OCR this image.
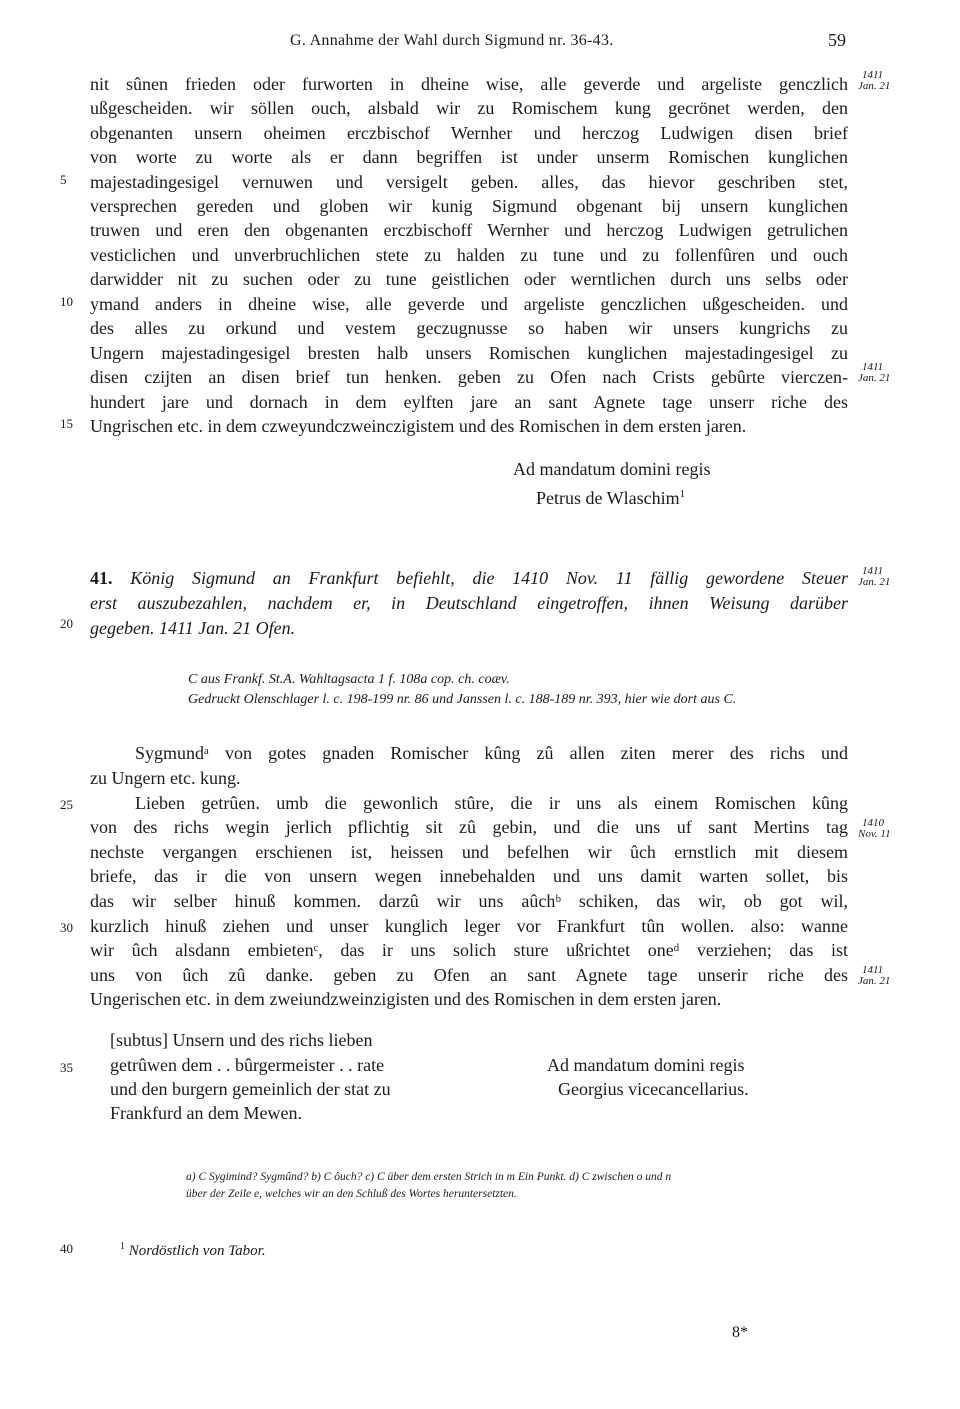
G. Annahme der Wahl durch Sigmund nr. 36-43.	59
nit sûnen frieden oder furworten in dheine wise, alle geverde und argeliste genczlich
ußgescheiden. wir söllen ouch, alsbald wir zu Romischem kung gecrönet werden, den
obgenanten unsern oheimen erczbischof Wernher und herczog Ludwigen disen brief
von worte zu worte als er dann begriffen ist under unserm Romischen kunglichen
majestadingesigel vernuwen und versigelt geben. alles, das hievor geschriben stet,
versprechen gereden und globen wir kunig Sigmund obgenant bij unsern kunglichen
truwen und eren den obgenanten erczbischoff Wernher und herczog Ludwigen getrulichen
vesticlichen und unverbruchlichen stete zu halden zu tune und zu follenfûren und ouch
darwidder nit zu suchen oder zu tune geistlichen oder werntlichen durch uns selbs oder
ymand anders in dheine wise, alle geverde und argeliste genczlichen ußgescheiden. und
des alles zu orkund und vestem geczugnusse so haben wir unsers kungrichs zu
Ungern majestadingesigel bresten halb unsers Romischen kunglichen majestadingesigel zu
disen czijten an disen brief tun henken. geben zu Ofen nach Crists gebûrte vierczen-
hundert jare und dornach in dem eylften jare an sant Agnete tage unserr riche des
Ungrischen etc. in dem czweyundczweinczigistem und des Romischen in dem ersten jaren.
5
10
15
20
25
30
35
40
1411
Jan. 21
1411
Jan. 21
1411
Jan. 21
1410
Nov. 11
1411
Jan. 21
Ad mandatum domini regis
Petrus de Wlaschim$^1$
41. König Sigmund an Frankfurt befiehlt, die 1410 Nov. 11 fällig gewordene Steuer
erst auszubezahlen, nachdem er, in Deutschland eingetroffen, ihnen Weisung darüber
gegeben. 1411 Jan. 21 Ofen.
C aus Frankf. St.A. Wahltagsacta 1 f. 108a cop. ch. coæv.
Gedruckt Olenschlager l. c. 198-199 nr. 86 und Janssen l. c. 188-189 nr. 393, hier wie dort aus C.
Sygmundᵃ von gotes gnaden Romischer kûng zû allen ziten merer des richs und
zu Ungern etc. kung.
Lieben getrûen. umb die gewonlich stûre, die ir uns als einem Romischen kûng
von des richs wegin jerlich pflichtig sit zû gebin, und die uns uf sant Mertins tag
nechste vergangen erschienen ist, heissen und befelhen wir ûch ernstlich mit diesem
briefe, das ir die von unsern wegen innebehalden und uns damit warten sollet, bis
das wir selber hinuß kommen. darzû wir uns aûchᵇ schiken, das wir, ob got wil,
kurzlich hinuß ziehen und unser kunglich leger vor Frankfurt tûn wollen. also: wanne
wir ûch alsdann embietenᶜ, das ir uns solich sture ußrichtet oneᵈ verziehen; das ist
uns von ûch zû danke. geben zu Ofen an sant Agnete tage unserir riche des
Ungerischen etc. in dem zweiundzweinzigisten und des Romischen in dem ersten jaren.
[subtus] Unsern und des richs lieben
getrûwen dem . . bûrgermeister . . rate
und den burgern gemeinlich der stat zu
Frankfurd an dem Mewen.
Ad mandatum domini regis
Georgius vicecancellarius.
a) C Sygimind? Sygmûnd? b) C ôuch? c) C über dem ersten Strich in m Ein Punkt. d) C zwischen o und n
über der Zeile e, welches wir an den Schluß des Wortes heruntersetzten.
$^1$ Nordöstlich von Tabor.
8*
